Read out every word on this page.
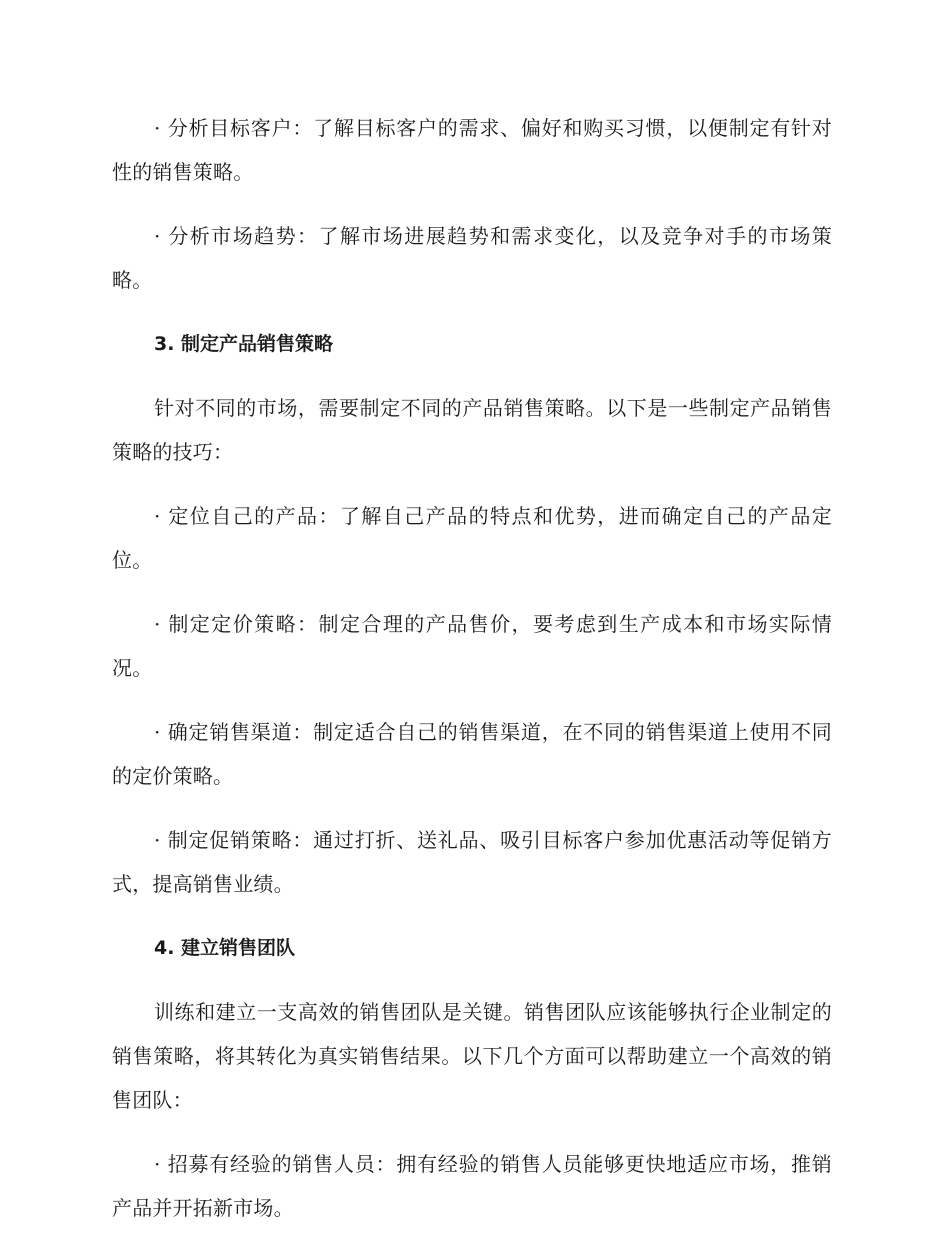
· 分析目标客户：了解目标客户的需求、偏好和购买习惯，以便制定有针对性的销售策略。

· 分析市场趋势：了解市场进展趋势和需求变化，以及竞争对手的市场策略。

3. 制定产品销售策略

针对不同的市场，需要制定不同的产品销售策略。以下是一些制定产品销售策略的技巧：

· 定位自己的产品：了解自己产品的特点和优势，进而确定自己的产品定位。

· 制定定价策略：制定合理的产品售价，要考虑到生产成本和市场实际情况。

· 确定销售渠道：制定适合自己的销售渠道，在不同的销售渠道上使用不同的定价策略。

· 制定促销策略：通过打折、送礼品、吸引目标客户参加优惠活动等促销方式，提高销售业绩。

4. 建立销售团队

训练和建立一支高效的销售团队是关键。销售团队应该能够执行企业制定的销售策略，将其转化为真实销售结果。以下几个方面可以帮助建立一个高效的销售团队：

· 招募有经验的销售人员：拥有经验的销售人员能够更快地适应市场，推销产品并开拓新市场。
